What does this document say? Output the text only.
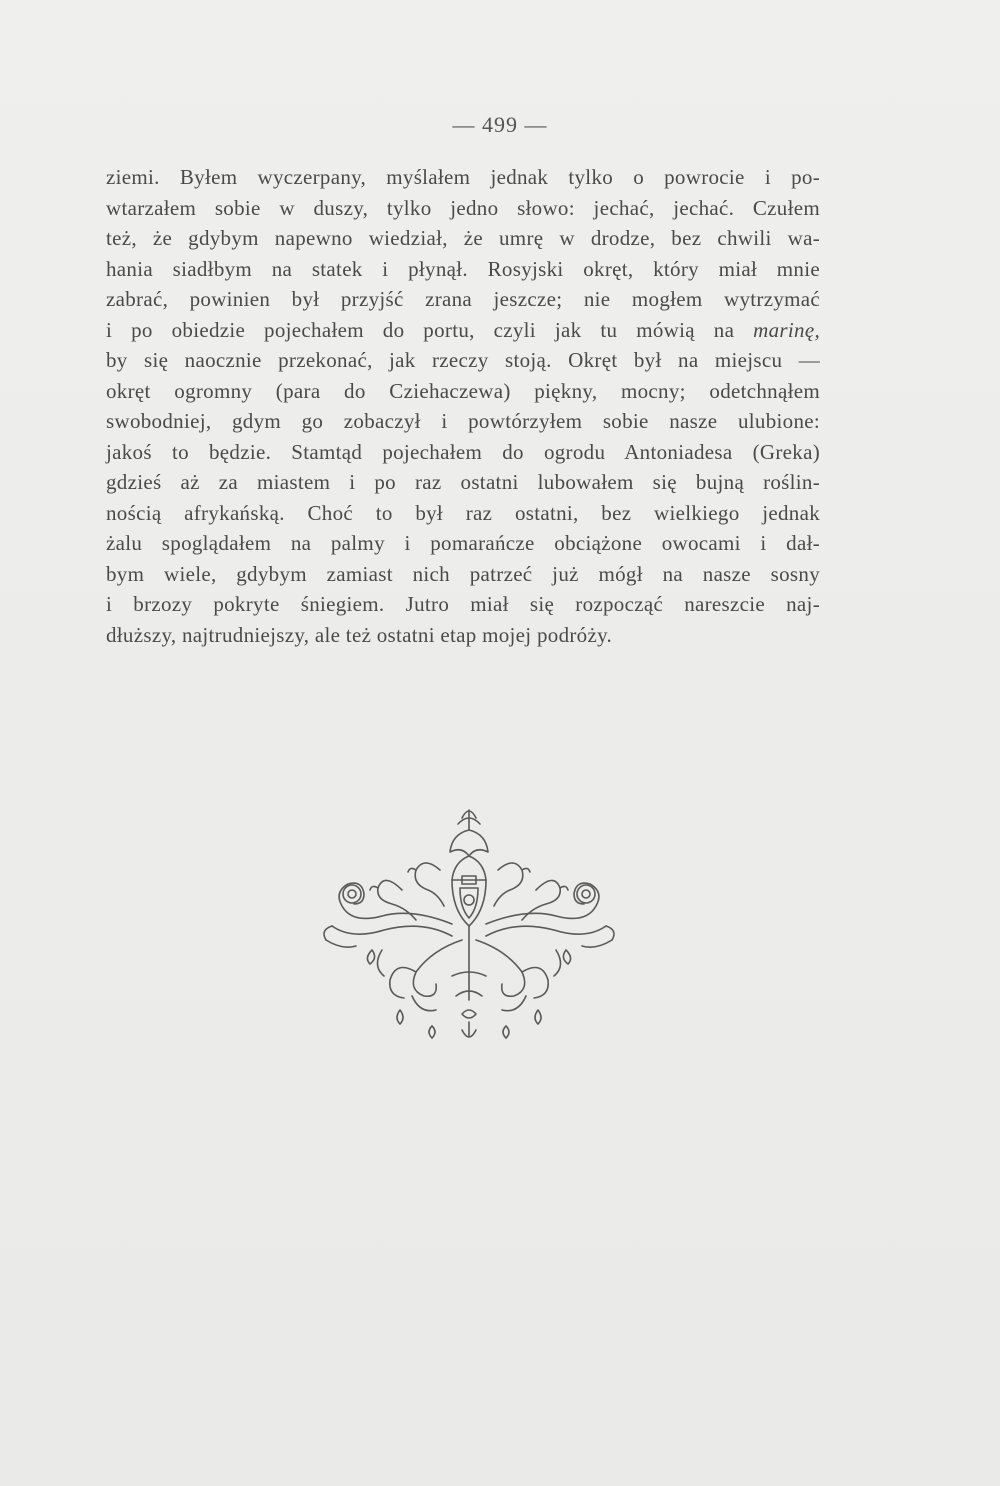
— 499 —
ziemi. Byłem wyczerpany, myślałem jednak tylko o powrocie i po-
wtarzałem sobie w duszy, tylko jedno słowo: jechać, jechać. Czułem
też, że gdybym napewno wiedział, że umrę w drodze, bez chwili wa-
hania siadłbym na statek i płynął. Rosyjski okręt, który miał mnie
zabrać, powinien był przyjść zrana jeszcze; nie mogłem wytrzymać
i po obiedzie pojechałem do portu, czyli jak tu mówią na marinę,
by się naocznie przekonać, jak rzeczy stoją. Okręt był na miejscu —
okręt ogromny (para do Cziehaczewa) piękny, mocny; odetchnąłem
swobodniej, gdym go zobaczył i powtórzyłem sobie nasze ulubione:
jakoś to będzie. Stamtąd pojechałem do ogrodu Antoniadesa (Greka)
gdzieś aż za miastem i po raz ostatni lubowałem się bujną roślin-
nością afrykańską. Choć to był raz ostatni, bez wielkiego jednak
żalu spoglądałem na palmy i pomarańcze obciążone owocami i dał-
bym wiele, gdybym zamiast nich patrzeć już mógł na nasze sosny
i brzozy pokryte śniegiem. Jutro miał się rozpocząć nareszcie naj-
dłuższy, najtrudniejszy, ale też ostatni etap mojej podróży.
